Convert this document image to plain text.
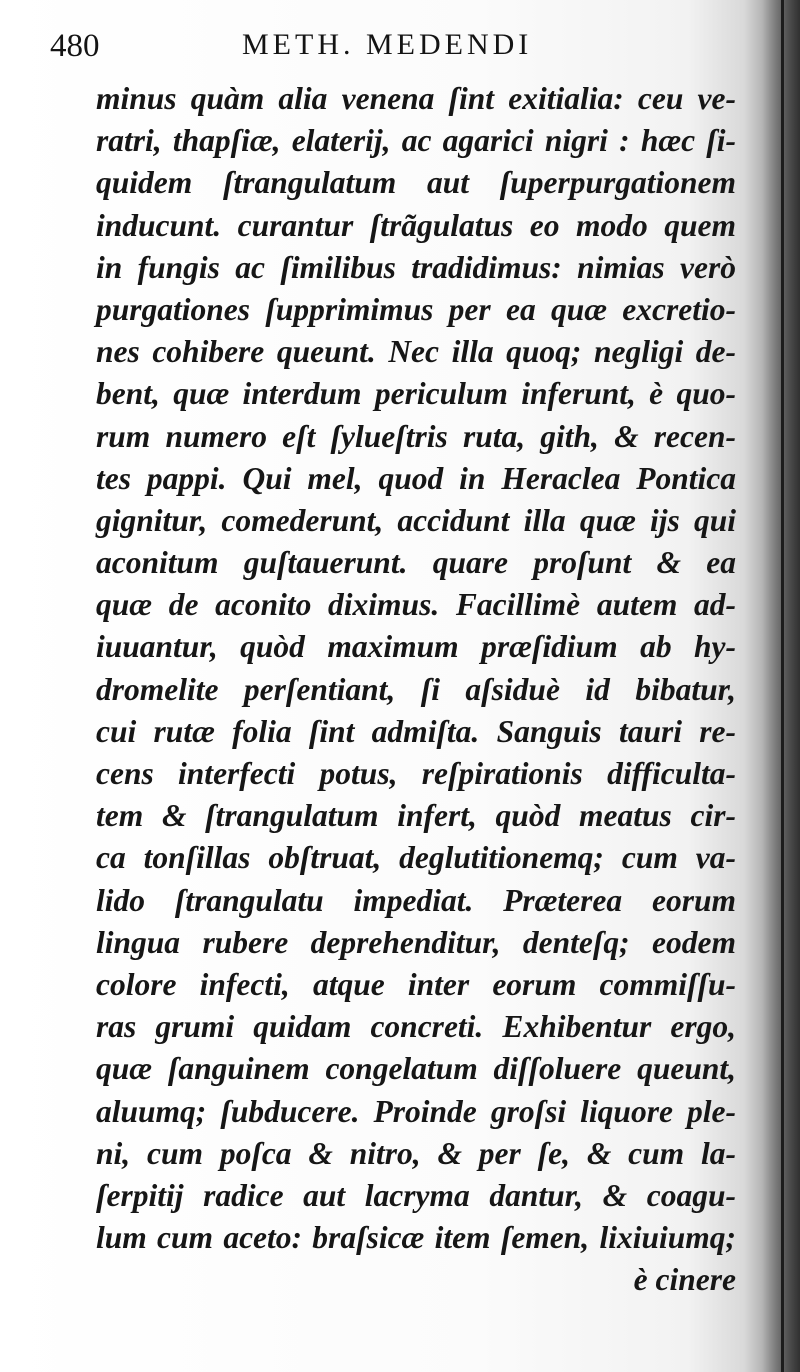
480	METH. MEDENDI
minus quàm alia venena ſint exitialia: ceu ve-
ratri, thapſiæ, elaterij, ac agarici nigri : hæc ſi-
quidem ſtrangulatum aut ſuperpurgationem
inducunt. curantur ſtrãgulatus eo modo quem
in fungis ac ſimilibus tradidimus: nimias verò
purgationes ſupprimimus per ea quæ excretio-
nes cohibere queunt. Nec illa quoq; negligi de-
bent, quæ interdum periculum inferunt, è quo-
rum numero eſt ſylueſtris ruta, gith, & recen-
tes pappi. Qui mel, quod in Heraclea Pontica
gignitur, comederunt, accidunt illa quæ ijs qui
aconitum guſtauerunt. quare proſunt & ea
quæ de aconito diximus. Facillimè autem ad-
iuuantur, quòd maximum præſidium ab hy-
dromelite perſentiant, ſi aſsiduè id bibatur,
cui rutæ folia ſint admiſta. Sanguis tauri re-
cens interfecti potus, reſpirationis difficulta-
tem & ſtrangulatum infert, quòd meatus cir-
ca tonſillas obſtruat, deglutitionemq; cum va-
lido ſtrangulatu impediat. Præterea eorum
lingua rubere deprehenditur, denteſq; eodem
colore infecti, atque inter eorum commiſſu-
ras grumi quidam concreti. Exhibentur ergo,
quæ ſanguinem congelatum diſſoluere queunt,
aluumq; ſubducere. Proinde groſsi liquore ple-
ni, cum poſca & nitro, & per ſe, & cum la-
ſerpitij radice aut lacryma dantur, & coagu-
lum cum aceto: braſsicæ item ſemen, lixiuiumq;
è cinere
